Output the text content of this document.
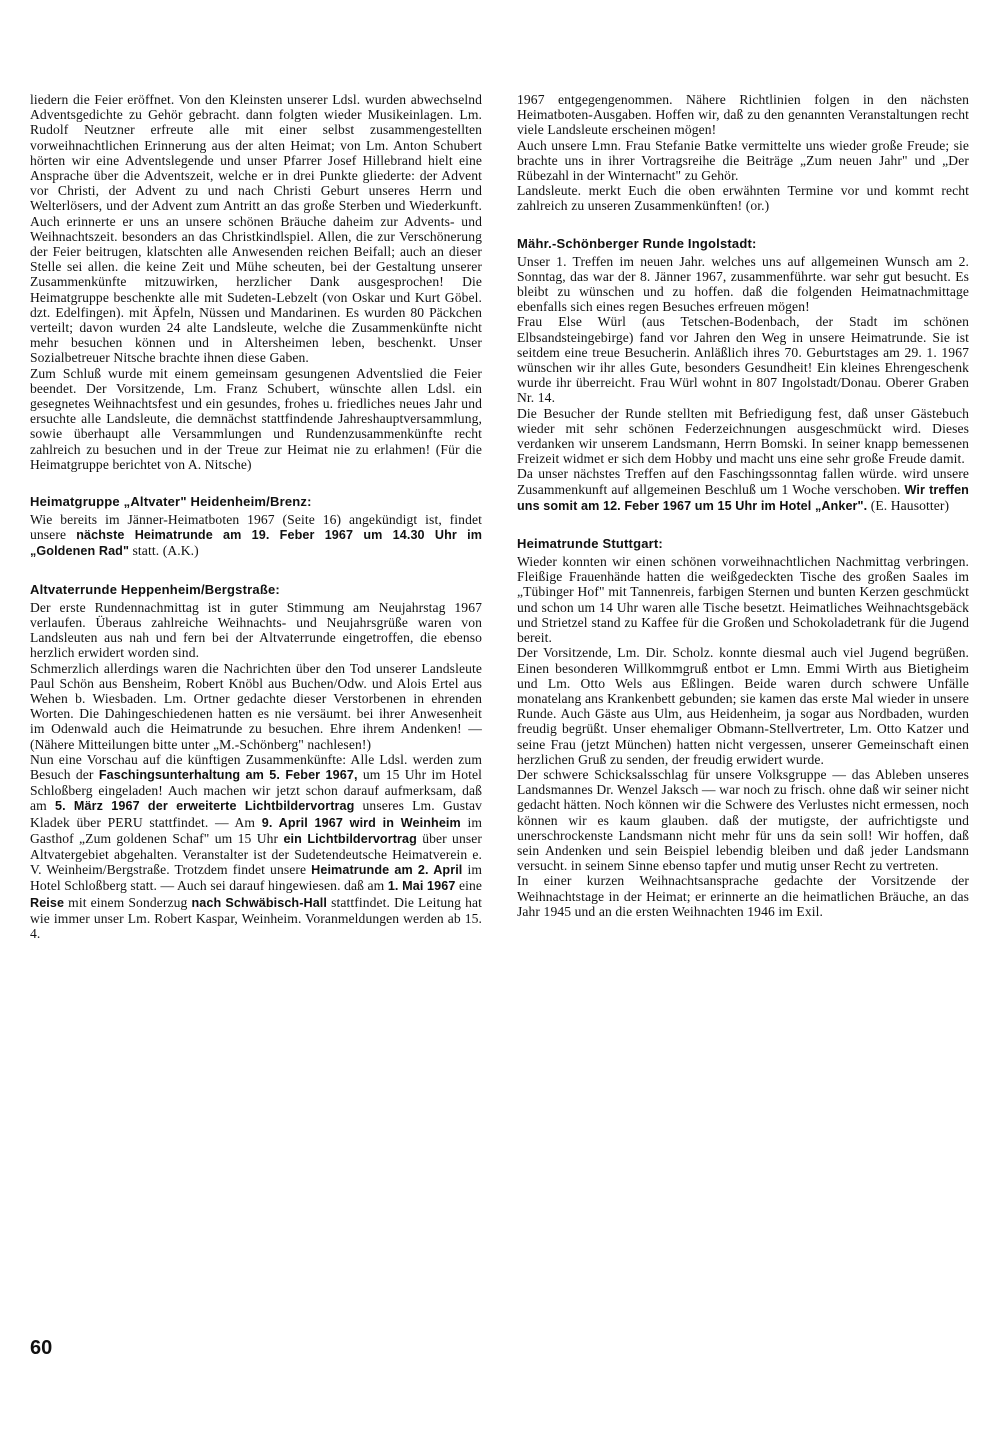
liedern die Feier eröffnet. Von den Kleinsten unserer Ldsl. wurden abwechselnd Adventsgedichte zu Gehör gebracht. dann folgten wieder Musikeinlagen. Lm. Rudolf Neutzner erfreute alle mit einer selbst zusammengestellten vorweihnachtlichen Erinnerung aus der alten Heimat; von Lm. Anton Schubert hörten wir eine Adventslegende und unser Pfarrer Josef Hillebrand hielt eine Ansprache über die Adventszeit, welche er in drei Punkte gliederte: der Advent vor Christi, der Advent zu und nach Christi Geburt unseres Herrn und Welterlösers, und der Advent zum Antritt an das große Sterben und Wiederkunft. Auch erinnerte er uns an unsere schönen Bräuche daheim zur Advents- und Weihnachtszeit. besonders an das Christkindlspiel. Allen, die zur Verschönerung der Feier beitrugen, klatschten alle Anwesenden reichen Beifall; auch an dieser Stelle sei allen. die keine Zeit und Mühe scheuten, bei der Gestaltung unserer Zusammenkünfte mitzuwirken, herzlicher Dank ausgesprochen! Die Heimatgruppe beschenkte alle mit Sudeten-Lebzelt (von Oskar und Kurt Göbel. dzt. Edelfingen). mit Äpfeln, Nüssen und Mandarinen. Es wurden 80 Päckchen verteilt; davon wurden 24 alte Landsleute, welche die Zusammenkünfte nicht mehr besuchen können und in Altersheimen leben, beschenkt. Unser Sozialbetreuer Nitsche brachte ihnen diese Gaben.

Zum Schluß wurde mit einem gemeinsam gesungenen Adventslied die Feier beendet. Der Vorsitzende, Lm. Franz Schubert, wünschte allen Ldsl. ein gesegnetes Weihnachtsfest und ein gesundes, frohes u. friedliches neues Jahr und ersuchte alle Landsleute, die demnächst stattfindende Jahreshauptversammlung, sowie überhaupt alle Versammlungen und Rundenzusammenkünfte recht zahlreich zu besuchen und in der Treue zur Heimat nie zu erlahmen! (Für die Heimatgruppe berichtet von A. Nitsche)

Heimatgruppe „Altvater" Heidenheim/Brenz:

Wie bereits im Jänner-Heimatboten 1967 (Seite 16) angekündigt ist, findet unsere nächste Heimatrunde am 19. Feber 1967 um 14.30 Uhr im „Goldenen Rad" statt. (A.K.)

Altvaterrunde Heppenheim/Bergstraße:

Der erste Rundennachmittag ist in guter Stimmung am Neujahrstag 1967 verlaufen. Überaus zahlreiche Weihnachts- und Neujahrsgrüße waren von Landsleuten aus nah und fern bei der Altvaterrunde eingetroffen, die ebenso herzlich erwidert worden sind.

Schmerzlich allerdings waren die Nachrichten über den Tod unserer Landsleute Paul Schön aus Bensheim, Robert Knöbl aus Buchen/Odw. und Alois Ertel aus Wehen b. Wiesbaden. Lm. Ortner gedachte dieser Verstorbenen in ehrenden Worten. Die Dahingeschiedenen hatten es nie versäumt. bei ihrer Anwesenheit im Odenwald auch die Heimatrunde zu besuchen. Ehre ihrem Andenken! — (Nähere Mitteilungen bitte unter „M.-Schönberg" nachlesen!)

Nun eine Vorschau auf die künftigen Zusammenkünfte: Alle Ldsl. werden zum Besuch der Faschingsunterhaltung am 5. Feber 1967, um 15 Uhr im Hotel Schloßberg eingeladen! Auch machen wir jetzt schon darauf aufmerksam, daß am 5. März 1967 der erweiterte Lichtbildervortrag unseres Lm. Gustav Kladek über PERU stattfindet. — Am 9. April 1967 wird in Weinheim im Gasthof „Zum goldenen Schaf" um 15 Uhr ein Lichtbildervortrag über unser Altvatergebiet abgehalten. Veranstalter ist der Sudetendeutsche Heimatverein e. V. Weinheim/Bergstraße. Trotzdem findet unsere Heimatrunde am 2. April im Hotel Schloßberg statt. — Auch sei darauf hingewiesen. daß am 1. Mai 1967 eine Reise mit einem Sonderzug nach Schwäbisch-Hall stattfindet. Die Leitung hat wie immer unser Lm. Robert Kaspar, Weinheim. Voranmeldungen werden ab 15. 4.

1967 entgegengenommen. Nähere Richtlinien folgen in den nächsten Heimatboten-Ausgaben. Hoffen wir, daß zu den genannten Veranstaltungen recht viele Landsleute erscheinen mögen!

Auch unsere Lmn. Frau Stefanie Batke vermittelte uns wieder große Freude; sie brachte uns in ihrer Vortragsreihe die Beiträge „Zum neuen Jahr" und „Der Rübezahl in der Winternacht" zu Gehör.

Landsleute. merkt Euch die oben erwähnten Termine vor und kommt recht zahlreich zu unseren Zusammenkünften! (or.)

Mähr.-Schönberger Runde Ingolstadt:

Unser 1. Treffen im neuen Jahr. welches uns auf allgemeinen Wunsch am 2. Sonntag, das war der 8. Jänner 1967, zusammenführte. war sehr gut besucht. Es bleibt zu wünschen und zu hoffen. daß die folgenden Heimatnachmittage ebenfalls sich eines regen Besuches erfreuen mögen!

Frau Else Würl (aus Tetschen-Bodenbach, der Stadt im schönen Elbsandsteingebirge) fand vor Jahren den Weg in unsere Heimatrunde. Sie ist seitdem eine treue Besucherin. Anläßlich ihres 70. Geburtstages am 29. 1. 1967 wünschen wir ihr alles Gute, besonders Gesundheit! Ein kleines Ehrengeschenk wurde ihr überreicht. Frau Würl wohnt in 807 Ingolstadt/Donau. Oberer Graben Nr. 14.

Die Besucher der Runde stellten mit Befriedigung fest, daß unser Gästebuch wieder mit sehr schönen Federzeichnungen ausgeschmückt wird. Dieses verdanken wir unserem Landsmann, Herrn Bomski. In seiner knapp bemessenen Freizeit widmet er sich dem Hobby und macht uns eine sehr große Freude damit.

Da unser nächstes Treffen auf den Faschingssonntag fallen würde. wird unsere Zusammenkunft auf allgemeinen Beschluß um 1 Woche verschoben. Wir treffen uns somit am 12. Feber 1967 um 15 Uhr im Hotel „Anker". (E. Hausotter)

Heimatrunde Stuttgart:

Wieder konnten wir einen schönen vorweihnachtlichen Nachmittag verbringen. Fleißige Frauenhände hatten die weißgedeckten Tische des großen Saales im „Tübinger Hof" mit Tannenreis, farbigen Sternen und bunten Kerzen geschmückt und schon um 14 Uhr waren alle Tische besetzt. Heimatliches Weihnachtsgebäck und Strietzel stand zu Kaffee für die Großen und Schokoladetrank für die Jugend bereit.

Der Vorsitzende, Lm. Dir. Scholz. konnte diesmal auch viel Jugend begrüßen. Einen besonderen Willkommgruß entbot er Lmn. Emmi Wirth aus Bietigheim und Lm. Otto Wels aus Eßlingen. Beide waren durch schwere Unfälle monatelang ans Krankenbett gebunden; sie kamen das erste Mal wieder in unsere Runde. Auch Gäste aus Ulm, aus Heidenheim, ja sogar aus Nordbaden, wurden freudig begrüßt. Unser ehemaliger Obmann-Stellvertreter, Lm. Otto Katzer und seine Frau (jetzt München) hatten nicht vergessen, unserer Gemeinschaft einen herzlichen Gruß zu senden, der freudig erwidert wurde.

Der schwere Schicksalsschlag für unsere Volksgruppe — das Ableben unseres Landsmannes Dr. Wenzel Jaksch — war noch zu frisch. ohne daß wir seiner nicht gedacht hätten. Noch können wir die Schwere des Verlustes nicht ermessen, noch können wir es kaum glauben. daß der mutigste, der aufrichtigste und unerschrockenste Landsmann nicht mehr für uns da sein soll! Wir hoffen, daß sein Andenken und sein Beispiel lebendig bleiben und daß jeder Landsmann versucht. in seinem Sinne ebenso tapfer und mutig unser Recht zu vertreten.

In einer kurzen Weihnachtsansprache gedachte der Vorsitzende der Weihnachtstage in der Heimat; er erinnerte an die heimatlichen Bräuche, an das Jahr 1945 und an die ersten Weihnachten 1946 im Exil.

60
